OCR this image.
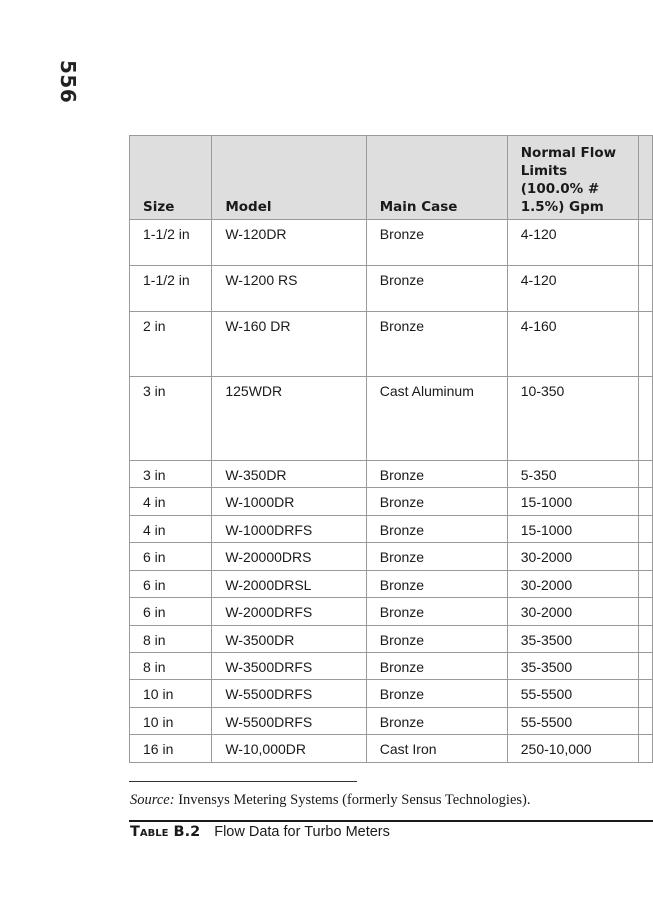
556
Size	Model	Main Case	Normal Flow Limits (100.0% # 1.5%) Gpm	
1-1/2 in	W-120DR	Bronze	4-120	
1-1/2 in	W-1200 RS	Bronze	4-120	
2 in	W-160 DR	Bronze	4-160	
3 in	125WDR	Cast Aluminum	10-350	
3 in	W-350DR	Bronze	5-350	
4 in	W-1000DR	Bronze	15-1000	
4 in	W-1000DRFS	Bronze	15-1000	
6 in	W-20000DRS	Bronze	30-2000	
6 in	W-2000DRSL	Bronze	30-2000	
6 in	W-2000DRFS	Bronze	30-2000	
8 in	W-3500DR	Bronze	35-3500	
8 in	W-3500DRFS	Bronze	35-3500	
10 in	W-5500DRFS	Bronze	55-5500	
10 in	W-5500DRFS	Bronze	55-5500	
16 in	W-10,000DR	Cast Iron	250-10,000	
Source: Invensys Metering Systems (formerly Sensus Technologies).
Table B.2 Flow Data for Turbo Meters
